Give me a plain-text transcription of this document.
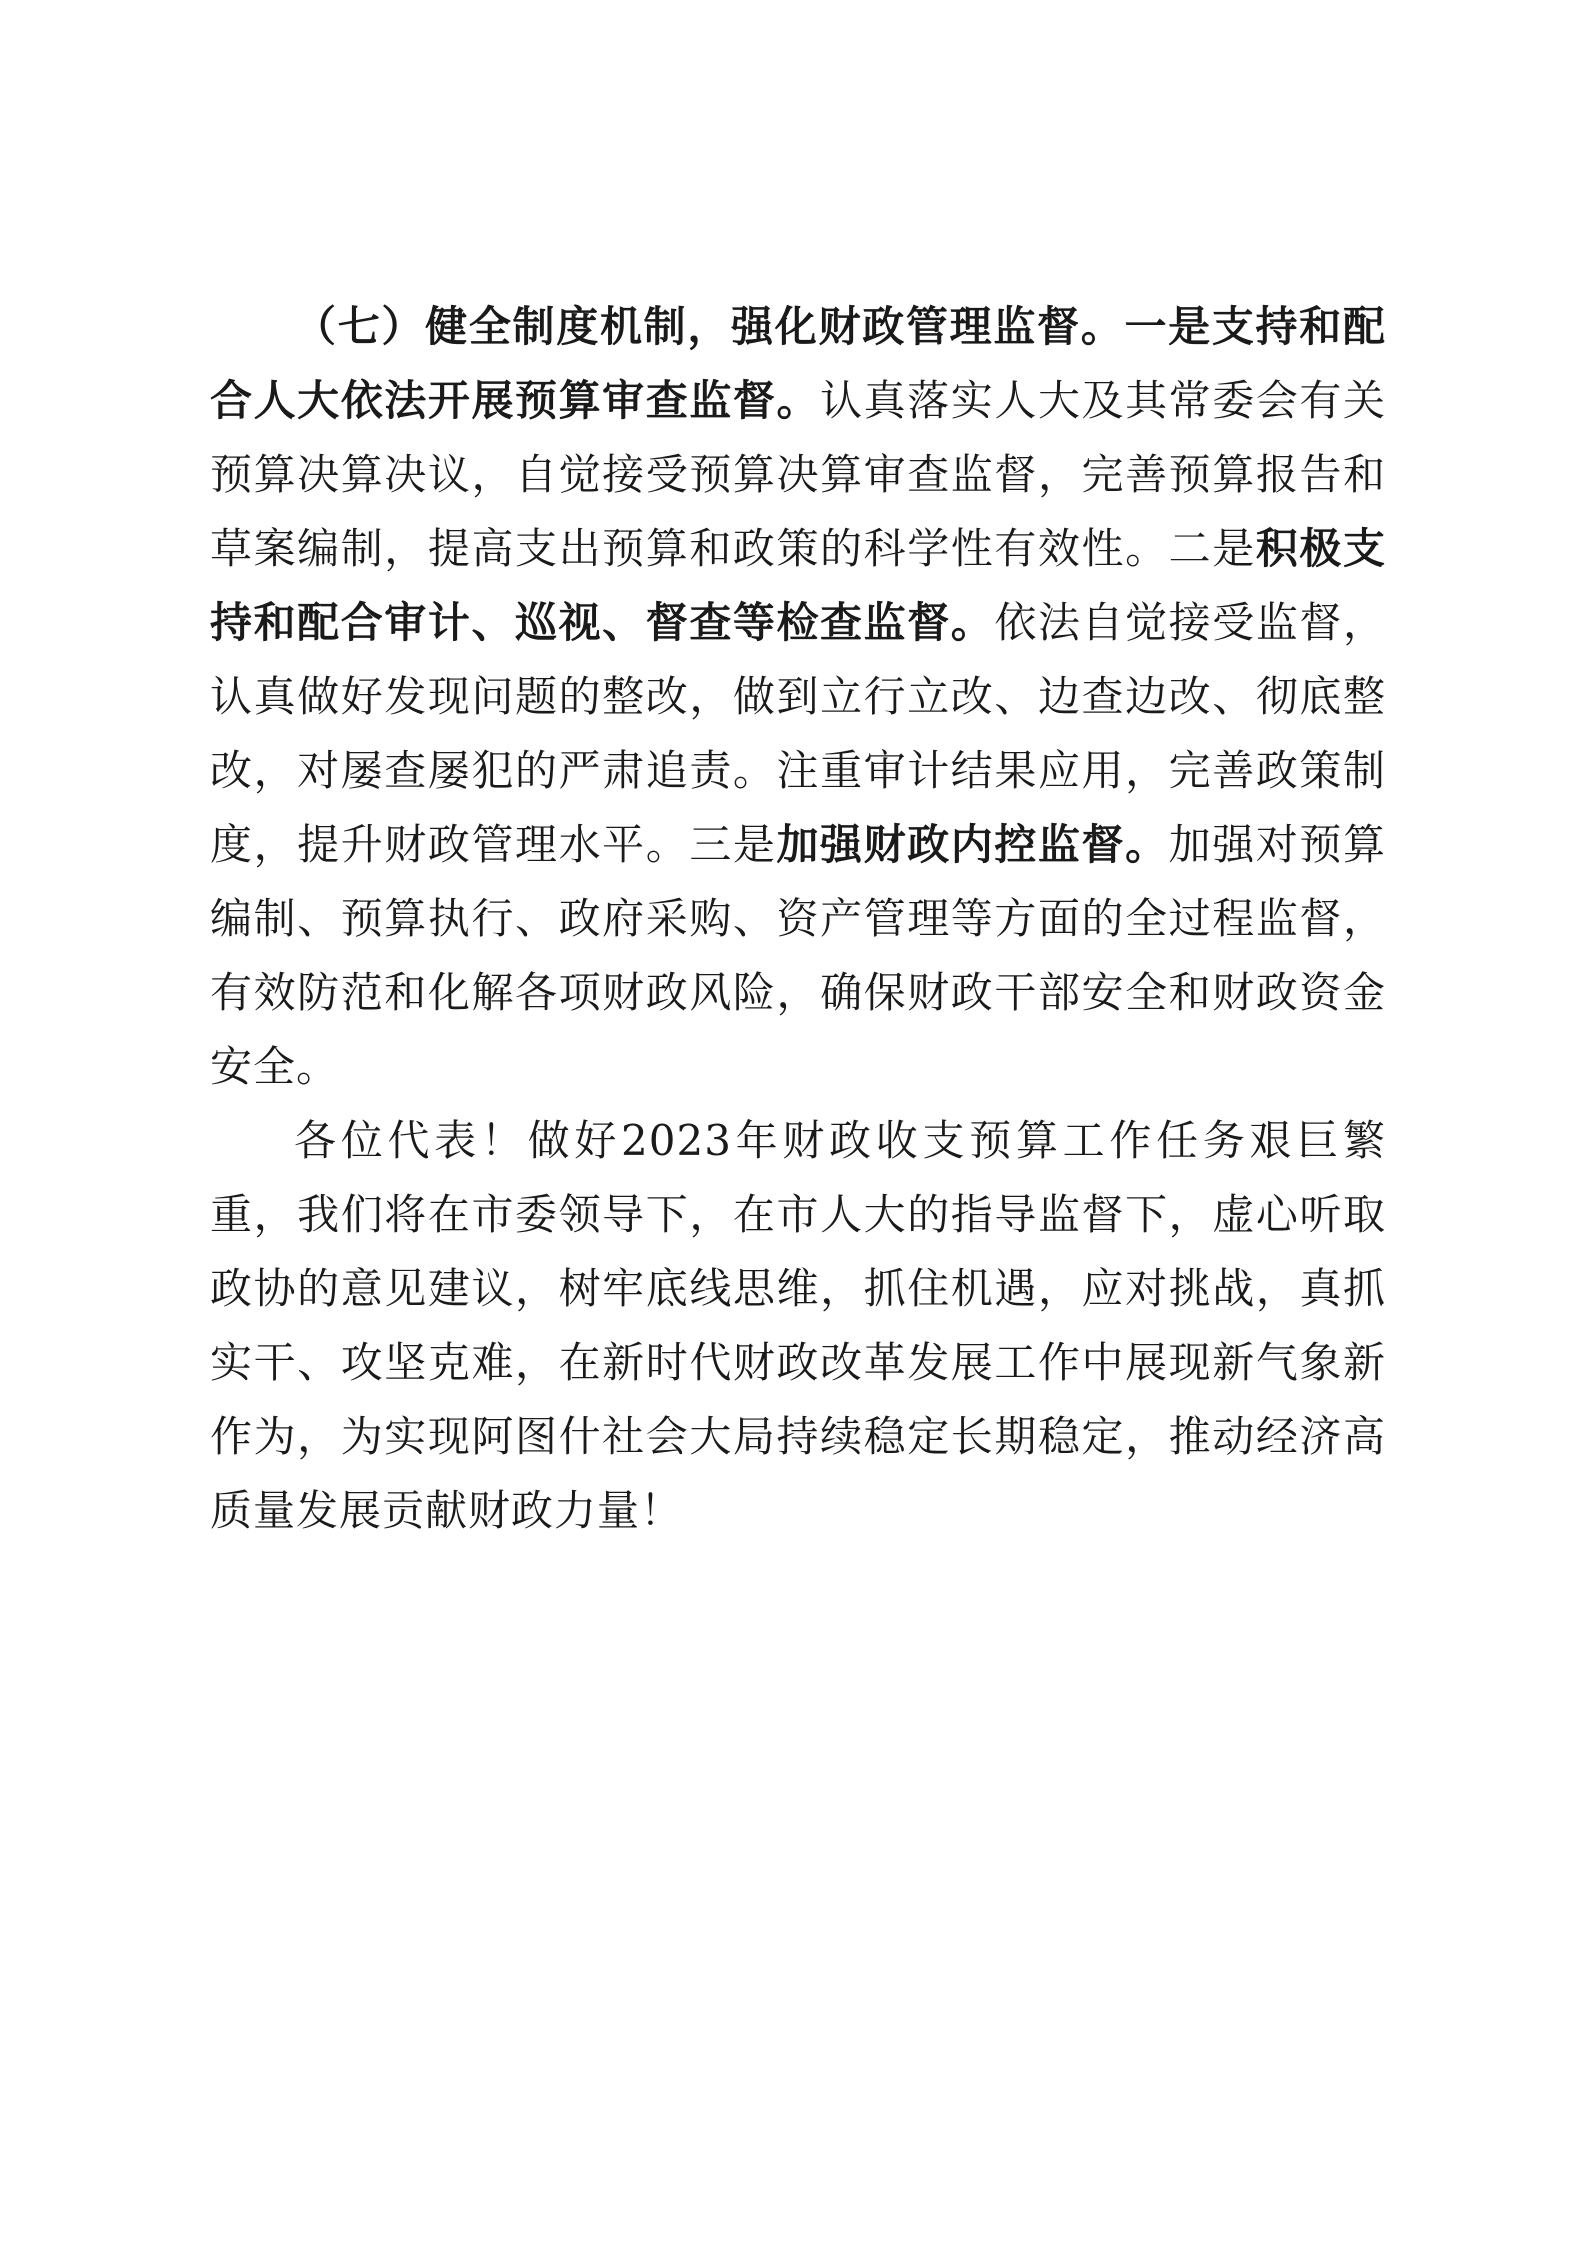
（七）健全制度机制，强化财政管理监督。一是支持和配合人大依法开展预算审查监督。认真落实人大及其常委会有关预算决算决议，自觉接受预算决算审查监督，完善预算报告和草案编制，提高支出预算和政策的科学性有效性。二是积极支持和配合审计、巡视、督查等检查监督。依法自觉接受监督，认真做好发现问题的整改，做到立行立改、边查边改、彻底整改，对屡查屡犯的严肃追责。注重审计结果应用，完善政策制度，提升财政管理水平。三是加强财政内控监督。加强对预算编制、预算执行、政府采购、资产管理等方面的全过程监督，有效防范和化解各项财政风险，确保财政干部安全和财政资金安全。

各位代表！做好2023年财政收支预算工作任务艰巨繁重，我们将在市委领导下，在市人大的指导监督下，虚心听取政协的意见建议，树牢底线思维，抓住机遇，应对挑战，真抓实干、攻坚克难，在新时代财政改革发展工作中展现新气象新作为，为实现阿图什社会大局持续稳定长期稳定，推动经济高质量发展贡献财政力量！
